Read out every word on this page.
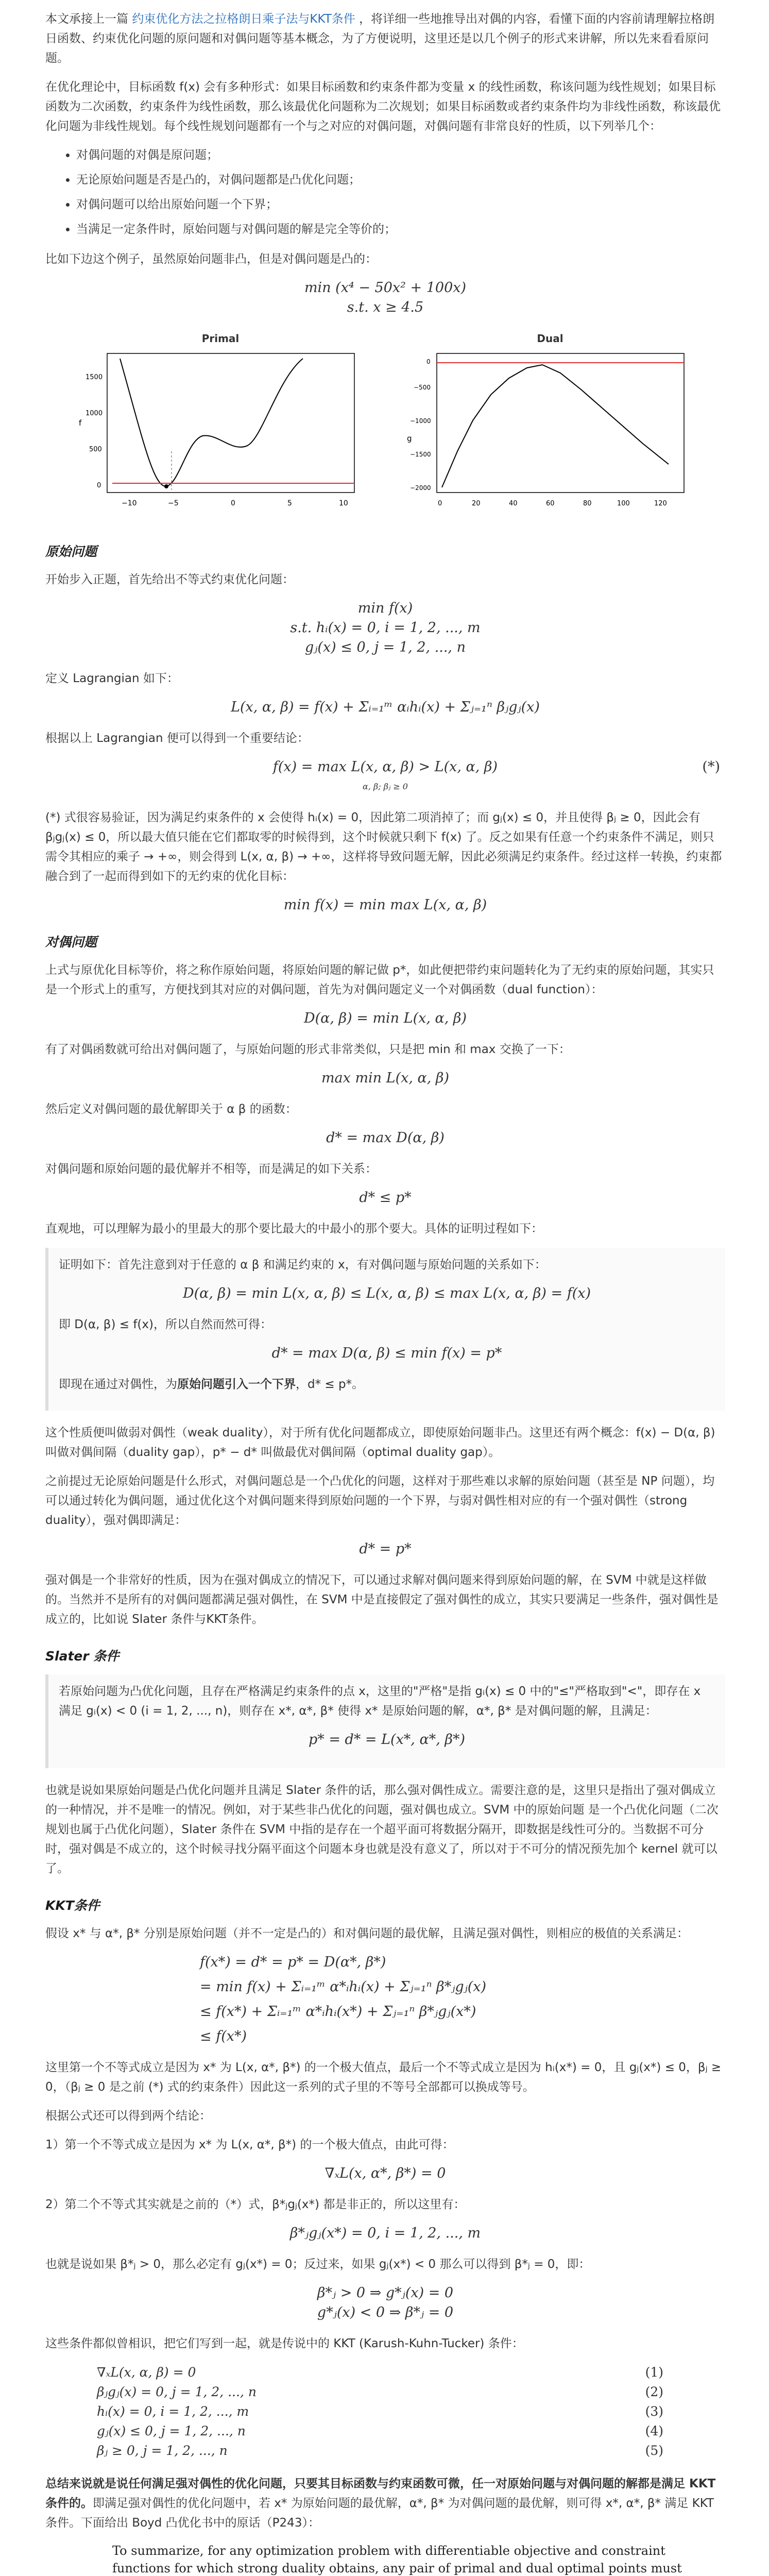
本文承接上一篇 约束优化方法之拉格朗日乘子法与KKT条件 ，将详细一些地推导出对偶的内容，看懂下面的内容前请理解拉格朗日函数、约束优化问题的原问题和对偶问题等基本概念，为了方便说明，这里还是以几个例子的形式来讲解，所以先来看看原问题。

在优化理论中，目标函数 f(x) 会有多种形式：如果目标函数和约束条件都为变量 x 的线性函数，称该问题为线性规划；如果目标函数为二次函数，约束条件为线性函数，那么该最优化问题称为二次规划；如果目标函数或者约束条件均为非线性函数，称该最优化问题为非线性规划。每个线性规划问题都有一个与之对应的对偶问题，对偶问题有非常良好的性质，以下列举几个：

• 对偶问题的对偶是原问题；
• 无论原始问题是否是凸的，对偶问题都是凸优化问题；
• 对偶问题可以给出原始问题一个下界；
• 当满足一定条件时，原始问题与对偶问题的解是完全等价的；

比如下边这个例子，虽然原始问题非凸，但是对偶问题是凸的：

min (x⁴ − 50x² + 100x)
s.t. x ≥ 4.5
Primal
−10	−5	0	5	10
0
500
1000
1500
f
Dual
0	20	40	60	80	100	120
−2000
−1500
−1000
−500
0
g
原始问题

开始步入正题，首先给出不等式约束优化问题：

min f(x)
s.t. hᵢ(x) = 0, i = 1, 2, ..., m
gⱼ(x) ≤ 0, j = 1, 2, ..., n

定义 Lagrangian 如下：

L(x, α, β) = f(x) + Σᵢ₌₁ᵐ αᵢhᵢ(x) + Σⱼ₌₁ⁿ βⱼgⱼ(x)

根据以上 Lagrangian 便可以得到一个重要结论：

f(x) = max L(x, α, β) > L(x, α, β)	(*)
α, β; βⱼ ≥ 0

(*) 式很容易验证，因为满足约束条件的 x 会使得 hᵢ(x) = 0，因此第二项消掉了；而 gⱼ(x) ≤ 0，并且使得 βⱼ ≥ 0，因此会有 βⱼgⱼ(x) ≤ 0，所以最大值只能在它们都取零的时候得到，这个时候就只剩下 f(x) 了。反之如果有任意一个约束条件不满足，则只需令其相应的乘子 → +∞，则会得到 L(x, α, β) → +∞，这样将导致问题无解，因此必须满足约束条件。经过这样一转换，约束都融合到了一起而得到如下的无约束的优化目标：

min f(x) = min max L(x, α, β)
对偶问题

上式与原优化目标等价，将之称作原始问题，将原始问题的解记做 p*，如此便把带约束问题转化为了无约束的原始问题，其实只是一个形式上的重写，方便找到其对应的对偶问题，首先为对偶问题定义一个对偶函数（dual function）：

D(α, β) = min L(x, α, β)

有了对偶函数就可给出对偶问题了，与原始问题的形式非常类似，只是把 min 和 max 交换了一下：

max min L(x, α, β)

然后定义对偶问题的最优解即关于 α β 的函数：

d* = max D(α, β)

对偶问题和原始问题的最优解并不相等，而是满足的如下关系：

d* ≤ p*

直观地，可以理解为最小的里最大的那个要比最大的中最小的那个要大。具体的证明过程如下：

证明如下：首先注意到对于任意的 α β 和满足约束的 x，有对偶问题与原始问题的关系如下：

D(α, β) = min L(x, α, β) ≤ L(x, α, β) ≤ max L(x, α, β) = f(x)

即 D(α, β) ≤ f(x)，所以自然而然可得：

d* = max D(α, β) ≤ min f(x) = p*

即现在通过对偶性，为原始问题引入一个下界，d* ≤ p*。

这个性质便叫做弱对偶性（weak duality），对于所有优化问题都成立，即使原始问题非凸。这里还有两个概念：f(x) − D(α, β) 叫做对偶间隔（duality gap），p* − d* 叫做最优对偶间隔（optimal duality gap）。

之前提过无论原始问题是什么形式，对偶问题总是一个凸优化的问题，这样对于那些难以求解的原始问题（甚至是 NP 问题），均可以通过转化为偶问题，通过优化这个对偶问题来得到原始问题的一个下界，与弱对偶性相对应的有一个强对偶性（strong duality），强对偶即满足：

d* = p*

强对偶是一个非常好的性质，因为在强对偶成立的情况下，可以通过求解对偶问题来得到原始问题的解，在 SVM 中就是这样做的。当然并不是所有的对偶问题都满足强对偶性，在 SVM 中是直接假定了强对偶性的成立，其实只要满足一些条件，强对偶性是成立的，比如说 Slater 条件与KKT条件。

Slater 条件

若原始问题为凸优化问题，且存在严格满足约束条件的点 x，这里的"严格"是指 gᵢ(x) ≤ 0 中的"≤"严格取到"<"，即存在 x 满足 gᵢ(x) < 0 (i = 1, 2, ..., n)，则存在 x*, α*, β* 使得 x* 是原始问题的解，α*, β* 是对偶问题的解，且满足：

p* = d* = L(x*, α*, β*)

也就是说如果原始问题是凸优化问题并且满足 Slater 条件的话，那么强对偶性成立。需要注意的是，这里只是指出了强对偶成立的一种情况，并不是唯一的情况。例如，对于某些非凸优化的问题，强对偶也成立。SVM 中的原始问题 是一个凸优化问题（二次规划也属于凸优化问题），Slater 条件在 SVM 中指的是存在一个超平面可将数据分隔开，即数据是线性可分的。当数据不可分时，强对偶是不成立的，这个时候寻找分隔平面这个问题本身也就是没有意义了，所以对于不可分的情况预先加个 kernel 就可以了。

KKT条件

假设 x* 与 α*, β* 分别是原始问题（并不一定是凸的）和对偶问题的最优解，且满足强对偶性，则相应的极值的关系满足：

f(x*) = d* = p* = D(α*, β*)
= min f(x) + Σᵢ₌₁ᵐ α*ᵢhᵢ(x) + Σⱼ₌₁ⁿ β*ⱼgⱼ(x)
≤ f(x*) + Σᵢ₌₁ᵐ α*ᵢhᵢ(x*) + Σⱼ₌₁ⁿ β*ⱼgⱼ(x*)
≤ f(x*)

这里第一个不等式成立是因为 x* 为 L(x, α*, β*) 的一个极大值点，最后一个不等式成立是因为 hᵢ(x*) = 0，且 gⱼ(x*) ≤ 0，βⱼ ≥ 0，（βⱼ ≥ 0 是之前 (*) 式的约束条件）因此这一系列的式子里的不等号全部都可以换成等号。

根据公式还可以得到两个结论：

1）第一个不等式成立是因为 x* 为 L(x, α*, β*) 的一个极大值点，由此可得：

∇ₓL(x, α*, β*) = 0

2）第二个不等式其实就是之前的（*）式，β*ⱼgⱼ(x*) 都是非正的，所以这里有：

β*ⱼgⱼ(x*) = 0, i = 1, 2, ..., m

也就是说如果 β*ⱼ > 0，那么必定有 gⱼ(x*) = 0；反过来，如果 gⱼ(x*) < 0 那么可以得到 β*ⱼ = 0，即：

β*ⱼ > 0 ⇒ g*ⱼ(x) = 0
g*ⱼ(x) < 0 ⇒ β*ⱼ = 0

这些条件都似曾相识，把它们写到一起，就是传说中的 KKT (Karush-Kuhn-Tucker) 条件：

∇ₓL(x, α, β) = 0	(1)
βⱼgⱼ(x) = 0, j = 1, 2, ..., n	(2)
hᵢ(x) = 0, i = 1, 2, ..., m	(3)
gⱼ(x) ≤ 0, j = 1, 2, ..., n	(4)
βⱼ ≥ 0, j = 1, 2, ..., n	(5)

总结来说就是说任何满足强对偶性的优化问题，只要其目标函数与约束函数可微，任一对原始问题与对偶问题的解都是满足 KKT 条件的。即满足强对偶性的优化问题中，若 x* 为原始问题的最优解，α*, β* 为对偶问题的最优解，则可得 x*, α*, β* 满足 KKT 条件。下面给出 Boyd 凸优化书中的原话（P243）：

To summarize, for any optimization problem with differentiable objective and constraint functions for which strong duality obtains, any pair of primal and dual optimal points must
